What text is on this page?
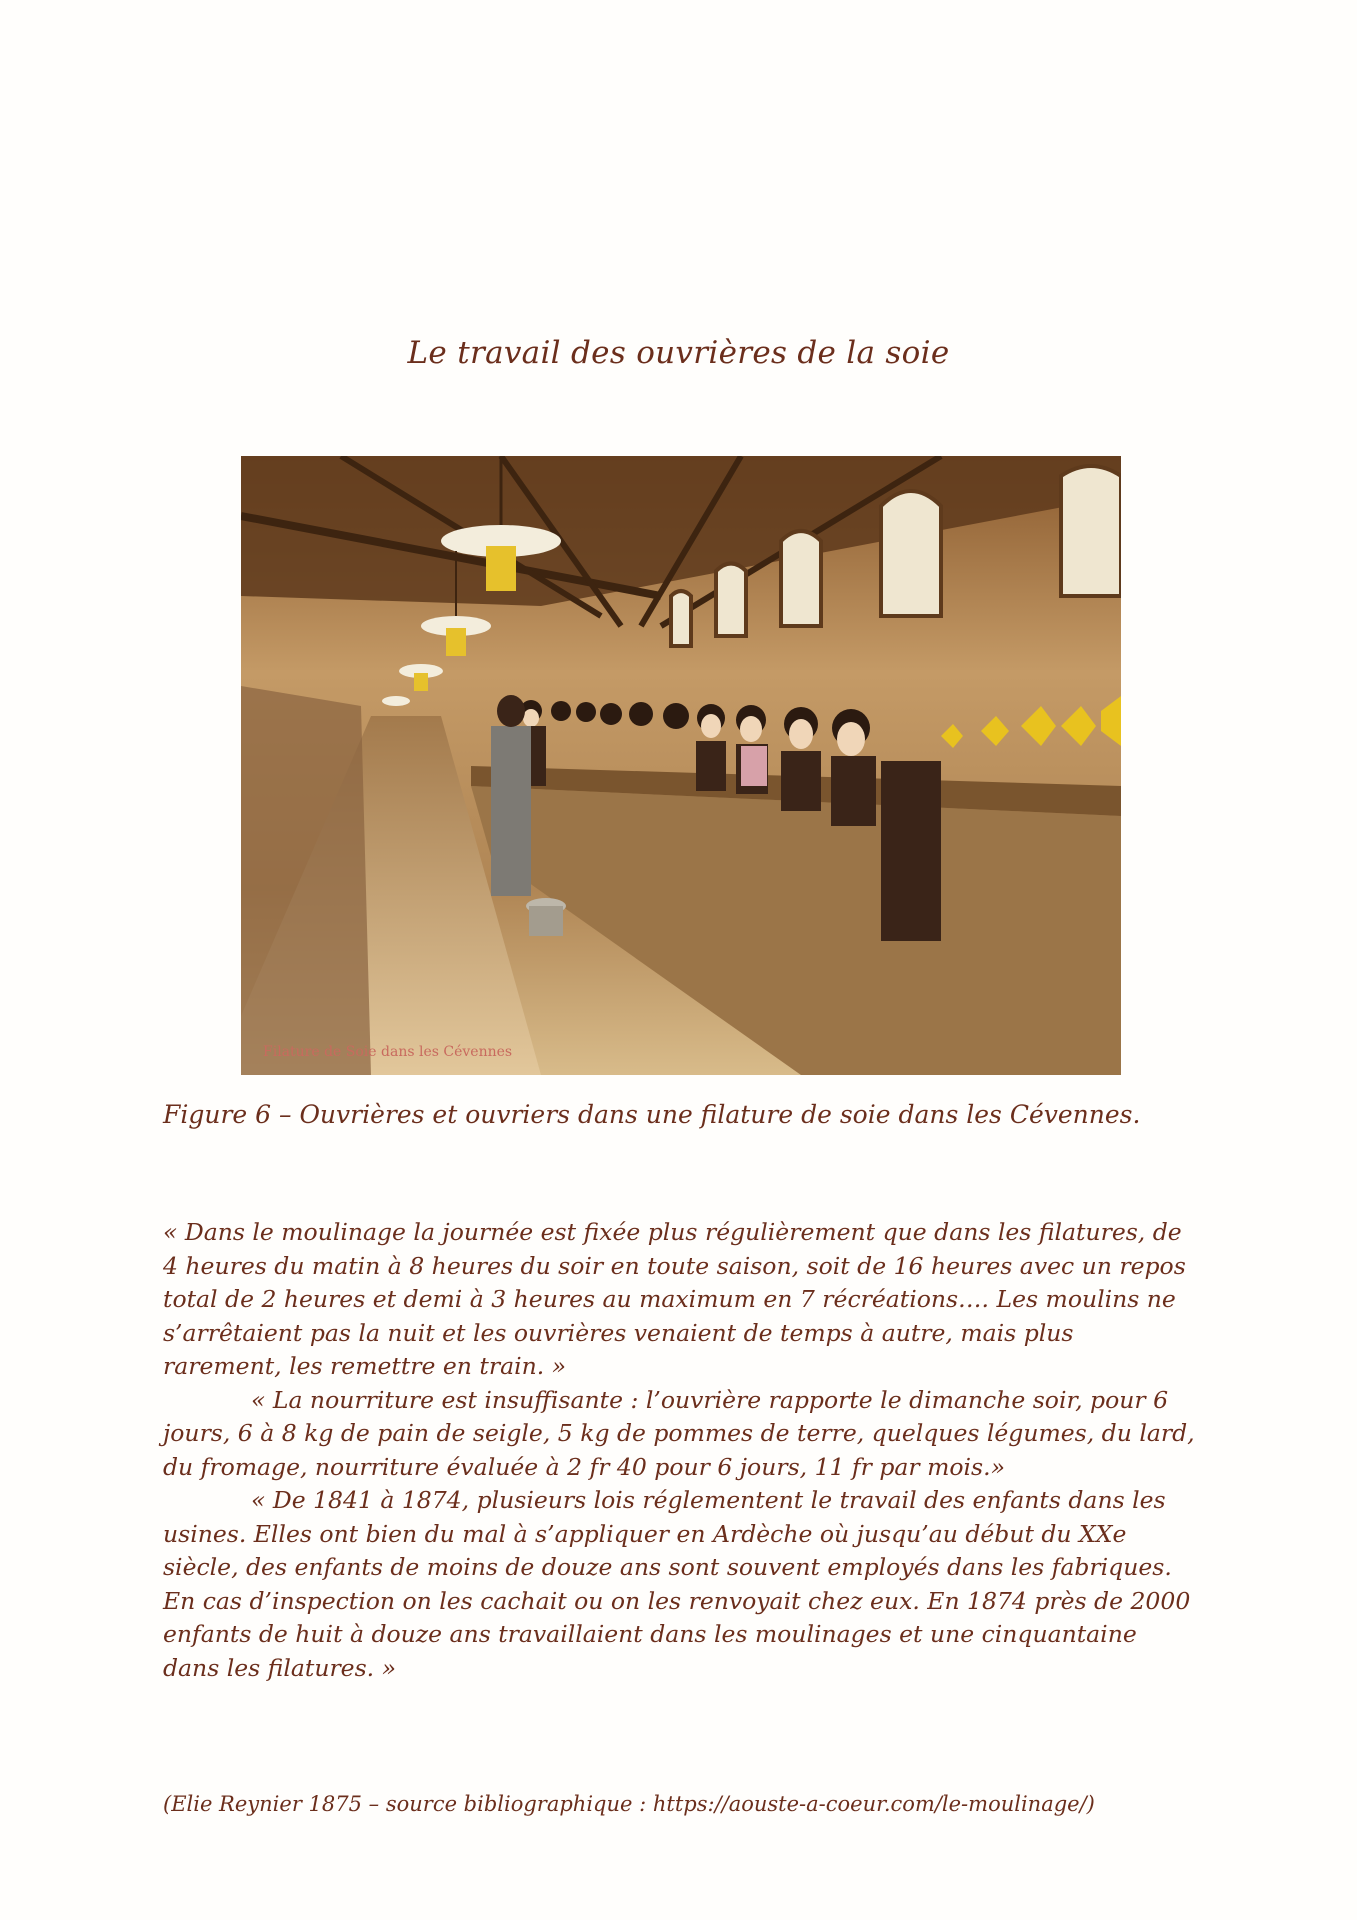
Le travail des ouvrières de la soie
Filature de Soie dans les Cévennes
Figure 6 – Ouvrières et ouvriers dans une filature de soie dans les Cévennes.

« Dans le moulinage la journée est fixée plus régulièrement que dans les filatures, de 4 heures du matin à 8 heures du soir en toute saison, soit de 16 heures avec un repos total de 2 heures et demi à 3 heures au maximum en 7 récréations…. Les moulins ne s’arrêtaient pas la nuit et les ouvrières venaient de temps à autre, mais plus rarement, les remettre en train. »

« La nourriture est insuffisante : l’ouvrière rapporte le dimanche soir, pour 6 jours, 6 à 8 kg de pain de seigle, 5 kg de pommes de terre, quelques légumes, du lard, du fromage, nourriture évaluée à 2 fr 40 pour 6 jours, 11 fr par mois.»

« De 1841 à 1874, plusieurs lois réglementent le travail des enfants dans les usines. Elles ont bien du mal à s’appliquer en Ardèche où jusqu’au début du XXe siècle, des enfants de moins de douze ans sont souvent employés dans les fabriques. En cas d’inspection on les cachait ou on les renvoyait chez eux. En 1874 près de 2000 enfants de huit à douze ans travaillaient dans les moulinages et une cinquantaine dans les filatures. »

(Elie Reynier 1875 – source bibliographique : https://aouste-a-coeur.com/le-moulinage/)
